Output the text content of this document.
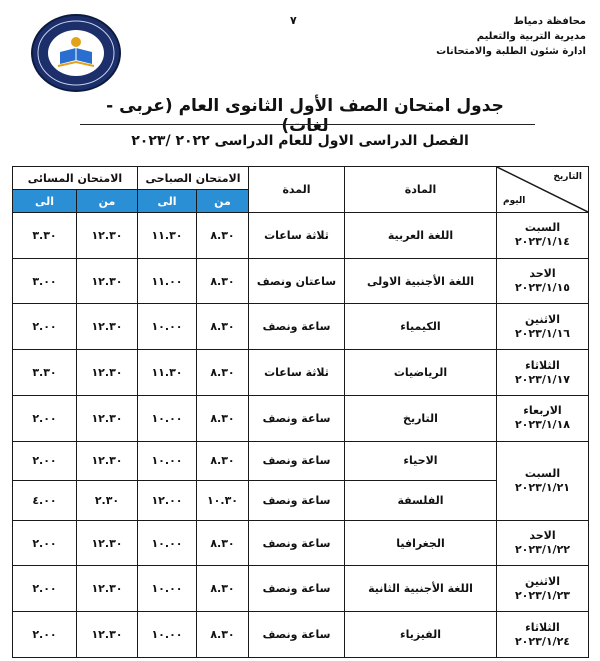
محافظة دمياط
مديرية التربية والتعليم
ادارة شئون الطلبة والامتحانات
٧
جدول امتحان الصف الأول الثانوى العام (عربى - لغات)
الفصل الدراسى الاول للعام الدراسى ٢٠٢٢ /٢٠٢٣
التاريخ
اليوم	المادة	المدة	الامتحان الصباحى		الامتحان المسائى	
			من	الى	من	الى

السبت
٢٠٢٣/١/١٤	اللغة العربية	ثلاثة ساعات	٨.٣٠	١١.٣٠	١٢.٣٠	٣.٣٠

الاحد
٢٠٢٣/١/١٥	اللغة الأجنبية الاولى	ساعتان ونصف	٨.٣٠	١١.٠٠	١٢.٣٠	٣.٠٠

الاثنين
٢٠٢٣/١/١٦	الكيمياء	ساعة ونصف	٨.٣٠	١٠.٠٠	١٢.٣٠	٢.٠٠

الثلاثاء
٢٠٢٣/١/١٧	الرياضيات	ثلاثة ساعات	٨.٣٠	١١.٣٠	١٢.٣٠	٣.٣٠

الاربعاء
٢٠٢٣/١/١٨	التاريخ	ساعة ونصف	٨.٣٠	١٠.٠٠	١٢.٣٠	٢.٠٠

السبت
٢٠٢٣/١/٢١	الاحياء	ساعة ونصف	٨.٣٠	١٠.٠٠	١٢.٣٠	٢.٠٠
	الفلسفة	ساعة ونصف	١٠.٣٠	١٢.٠٠	٢.٣٠	٤.٠٠

الاحد
٢٠٢٣/١/٢٢	الجغرافيا	ساعة ونصف	٨.٣٠	١٠.٠٠	١٢.٣٠	٢.٠٠

الاثنين
٢٠٢٣/١/٢٣	اللغة الأجنبية الثانية	ساعة ونصف	٨.٣٠	١٠.٠٠	١٢.٣٠	٢.٠٠

الثلاثاء
٢٠٢٣/١/٢٤	الفيزياء	ساعة ونصف	٨.٣٠	١٠.٠٠	١٢.٣٠	٢.٠٠
